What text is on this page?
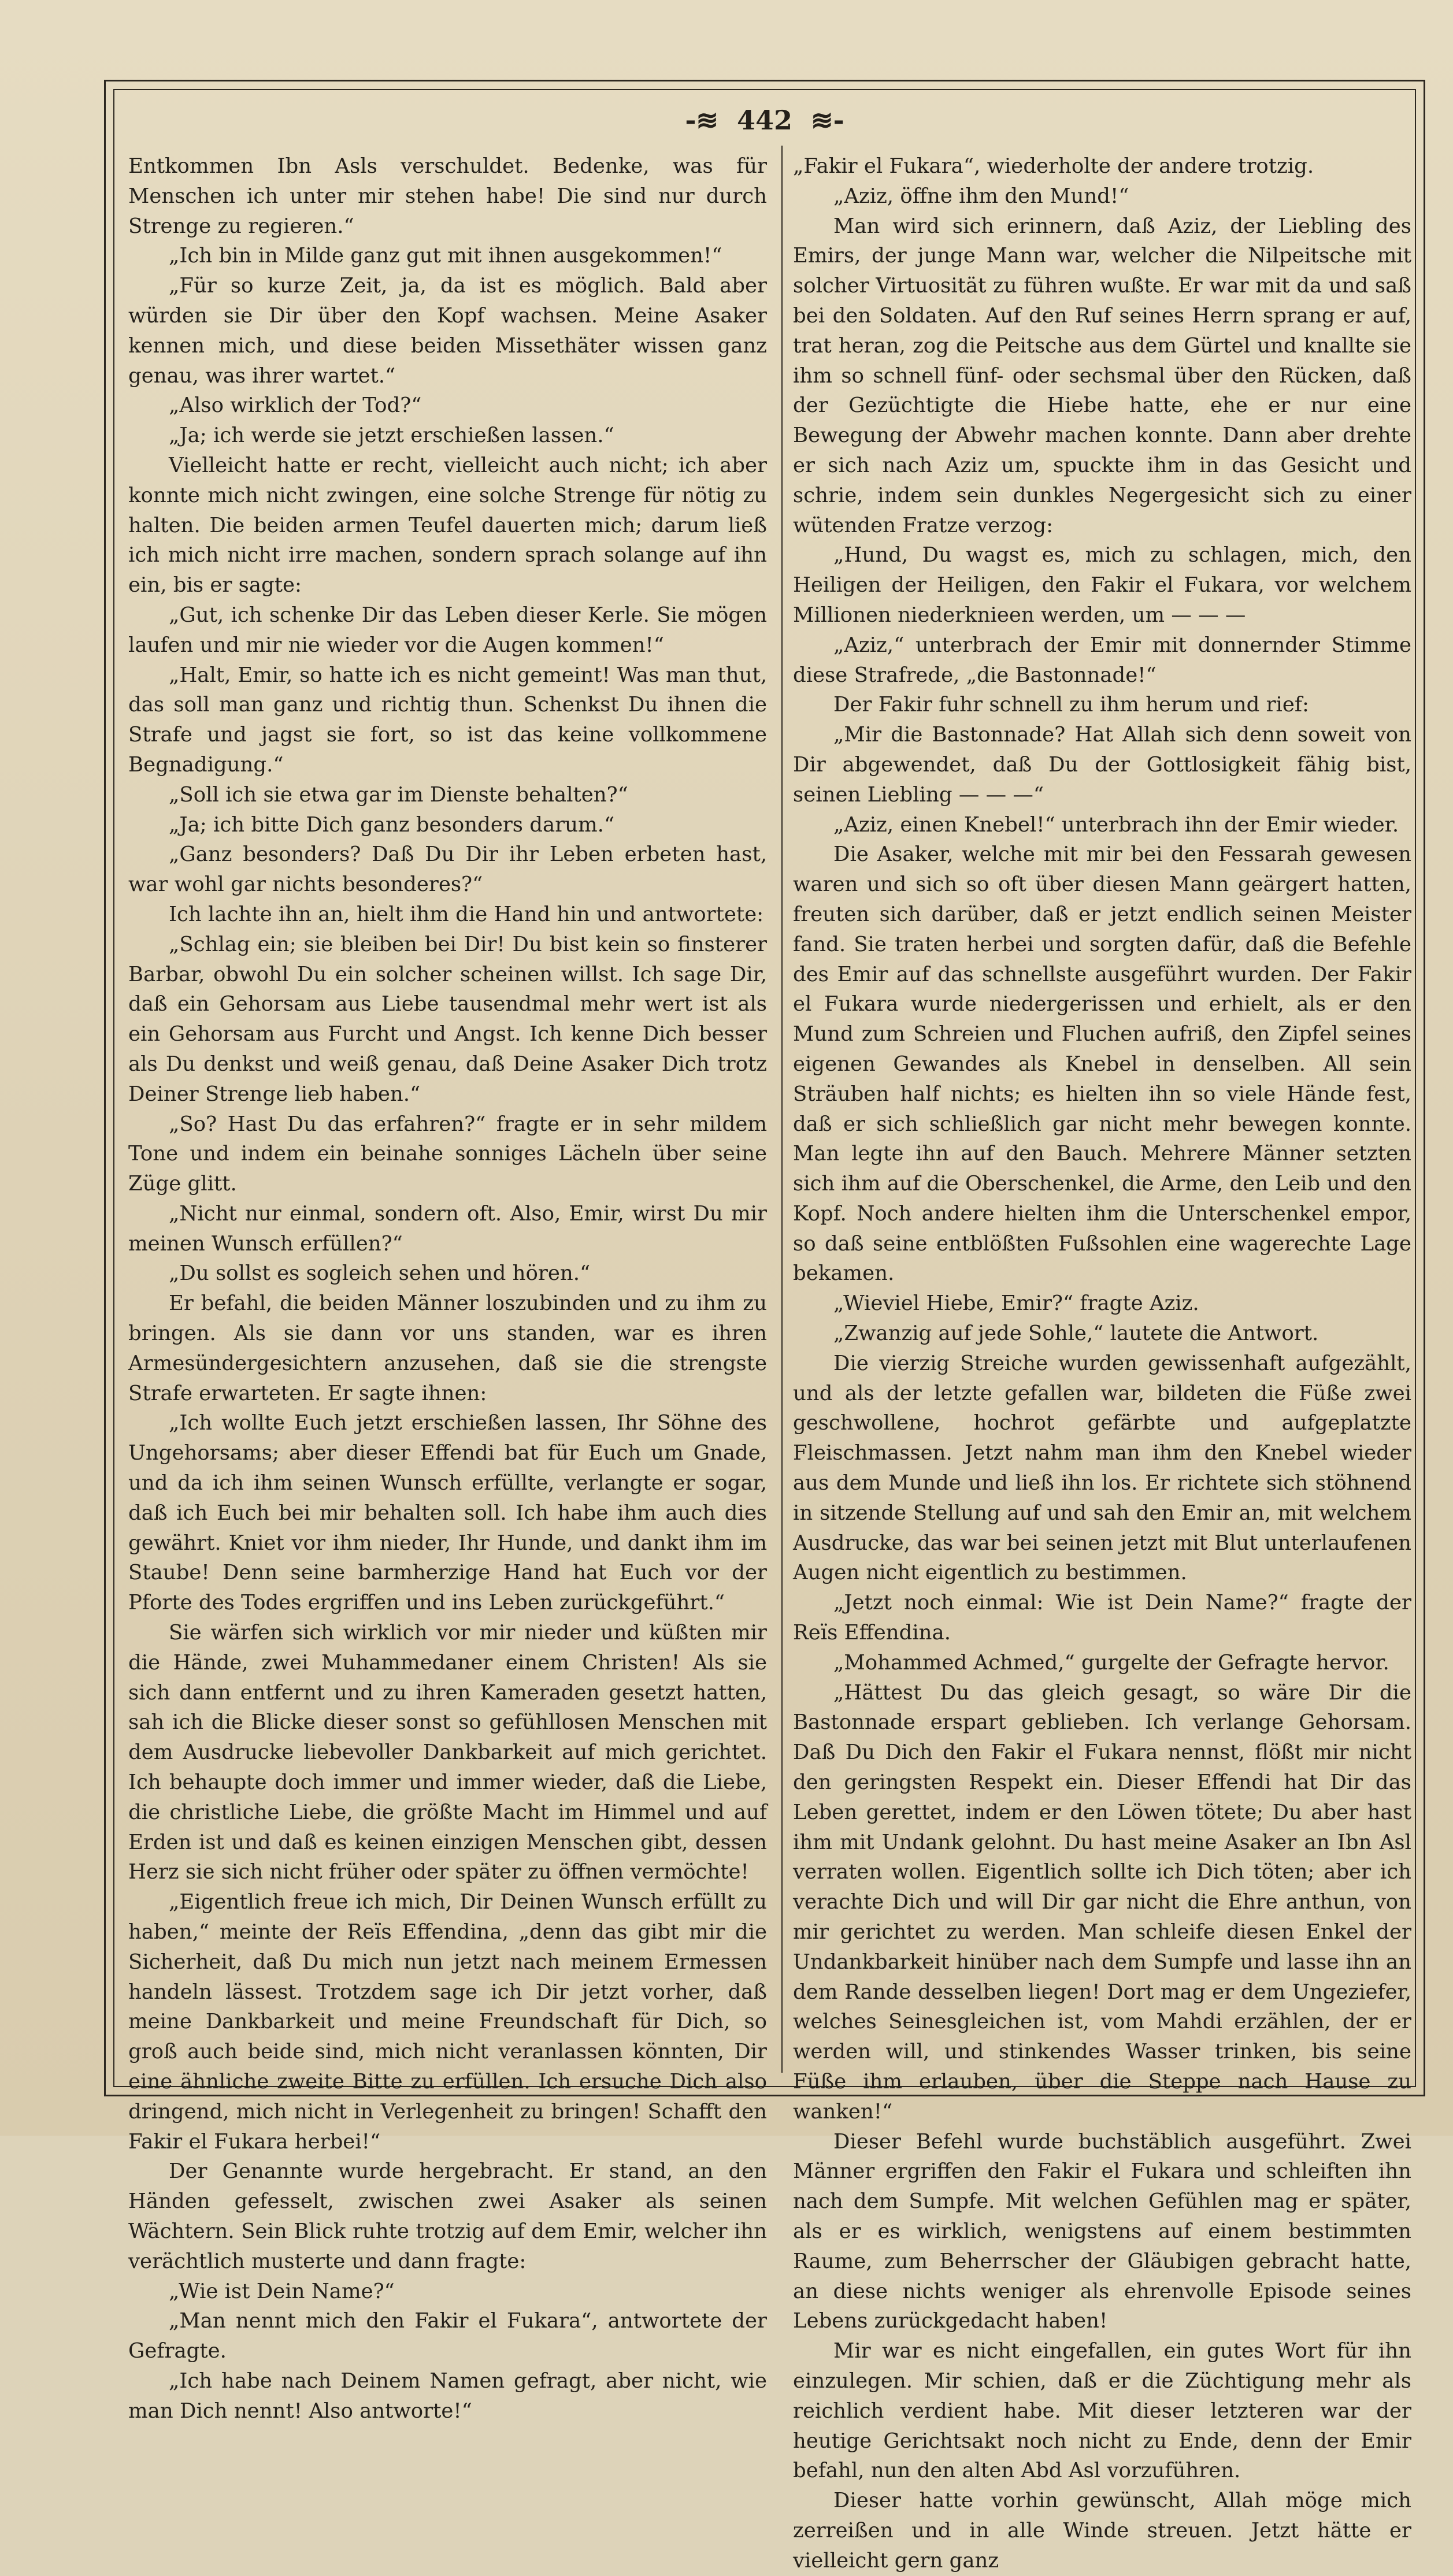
-≋ 442 ≋-

Entkommen Ibn Asls verschuldet. Bedenke, was für Menschen ich unter mir stehen habe! Die sind nur durch Strenge zu regieren.“

„Ich bin in Milde ganz gut mit ihnen ausgekommen!“

„Für so kurze Zeit, ja, da ist es möglich. Bald aber würden sie Dir über den Kopf wachsen. Meine Asaker kennen mich, und diese beiden Missethäter wissen ganz genau, was ihrer wartet.“

„Also wirklich der Tod?“

„Ja; ich werde sie jetzt erschießen lassen.“

Vielleicht hatte er recht, vielleicht auch nicht; ich aber konnte mich nicht zwingen, eine solche Strenge für nötig zu halten. Die beiden armen Teufel dauerten mich; darum ließ ich mich nicht irre machen, sondern sprach solange auf ihn ein, bis er sagte:

„Gut, ich schenke Dir das Leben dieser Kerle. Sie mögen laufen und mir nie wieder vor die Augen kommen!“

„Halt, Emir, so hatte ich es nicht gemeint! Was man thut, das soll man ganz und richtig thun. Schenkst Du ihnen die Strafe und jagst sie fort, so ist das keine vollkommene Begnadigung.“

„Soll ich sie etwa gar im Dienste behalten?“

„Ja; ich bitte Dich ganz besonders darum.“

„Ganz besonders? Daß Du Dir ihr Leben erbeten hast, war wohl gar nichts besonderes?“

Ich lachte ihn an, hielt ihm die Hand hin und antwortete:

„Schlag ein; sie bleiben bei Dir! Du bist kein so finsterer Barbar, obwohl Du ein solcher scheinen willst. Ich sage Dir, daß ein Gehorsam aus Liebe tausendmal mehr wert ist als ein Gehorsam aus Furcht und Angst. Ich kenne Dich besser als Du denkst und weiß genau, daß Deine Asaker Dich trotz Deiner Strenge lieb haben.“

„So? Hast Du das erfahren?“ fragte er in sehr mildem Tone und indem ein beinahe sonniges Lächeln über seine Züge glitt.

„Nicht nur einmal, sondern oft. Also, Emir, wirst Du mir meinen Wunsch erfüllen?“

„Du sollst es sogleich sehen und hören.“

Er befahl, die beiden Männer loszubinden und zu ihm zu bringen. Als sie dann vor uns standen, war es ihren Armesündergesichtern anzusehen, daß sie die strengste Strafe erwarteten. Er sagte ihnen:

„Ich wollte Euch jetzt erschießen lassen, Ihr Söhne des Ungehorsams; aber dieser Effendi bat für Euch um Gnade, und da ich ihm seinen Wunsch erfüllte, verlangte er sogar, daß ich Euch bei mir behalten soll. Ich habe ihm auch dies gewährt. Kniet vor ihm nieder, Ihr Hunde, und dankt ihm im Staube! Denn seine barmherzige Hand hat Euch vor der Pforte des Todes ergriffen und ins Leben zurückgeführt.“

Sie wärfen sich wirklich vor mir nieder und küßten mir die Hände, zwei Muhammedaner einem Christen! Als sie sich dann entfernt und zu ihren Kameraden gesetzt hatten, sah ich die Blicke dieser sonst so gefühllosen Menschen mit dem Ausdrucke liebevoller Dankbarkeit auf mich gerichtet. Ich behaupte doch immer und immer wieder, daß die Liebe, die christliche Liebe, die größte Macht im Himmel und auf Erden ist und daß es keinen einzigen Menschen gibt, dessen Herz sie sich nicht früher oder später zu öffnen vermöchte!

„Eigentlich freue ich mich, Dir Deinen Wunsch erfüllt zu haben,“ meinte der Reïs Effendina, „denn das gibt mir die Sicherheit, daß Du mich nun jetzt nach meinem Ermessen handeln lässest. Trotzdem sage ich Dir jetzt vorher, daß meine Dankbarkeit und meine Freundschaft für Dich, so groß auch beide sind, mich nicht veranlassen könnten, Dir eine ähnliche zweite Bitte zu erfüllen. Ich ersuche Dich also dringend, mich nicht in Verlegenheit zu bringen! Schafft den Fakir el Fukara herbei!“

Der Genannte wurde hergebracht. Er stand, an den Händen gefesselt, zwischen zwei Asaker als seinen Wächtern. Sein Blick ruhte trotzig auf dem Emir, welcher ihn verächtlich musterte und dann fragte:

„Wie ist Dein Name?“

„Man nennt mich den Fakir el Fukara“, antwortete der Gefragte.

„Ich habe nach Deinem Namen gefragt, aber nicht, wie man Dich nennt! Also antworte!“

„Fakir el Fukara“, wiederholte der andere trotzig.

„Aziz, öffne ihm den Mund!“

Man wird sich erinnern, daß Aziz, der Liebling des Emirs, der junge Mann war, welcher die Nilpeitsche mit solcher Virtuosität zu führen wußte. Er war mit da und saß bei den Soldaten. Auf den Ruf seines Herrn sprang er auf, trat heran, zog die Peitsche aus dem Gürtel und knallte sie ihm so schnell fünf- oder sechsmal über den Rücken, daß der Gezüchtigte die Hiebe hatte, ehe er nur eine Bewegung der Abwehr machen konnte. Dann aber drehte er sich nach Aziz um, spuckte ihm in das Gesicht und schrie, indem sein dunkles Negergesicht sich zu einer wütenden Fratze verzog:

„Hund, Du wagst es, mich zu schlagen, mich, den Heiligen der Heiligen, den Fakir el Fukara, vor welchem Millionen niederknieen werden, um — — —

„Aziz,“ unterbrach der Emir mit donnernder Stimme diese Strafrede, „die Bastonnade!“

Der Fakir fuhr schnell zu ihm herum und rief:

„Mir die Bastonnade? Hat Allah sich denn soweit von Dir abgewendet, daß Du der Gottlosigkeit fähig bist, seinen Liebling — — —“

„Aziz, einen Knebel!“ unterbrach ihn der Emir wieder.

Die Asaker, welche mit mir bei den Fessarah gewesen waren und sich so oft über diesen Mann geärgert hatten, freuten sich darüber, daß er jetzt endlich seinen Meister fand. Sie traten herbei und sorgten dafür, daß die Befehle des Emir auf das schnellste ausgeführt wurden. Der Fakir el Fukara wurde niedergerissen und erhielt, als er den Mund zum Schreien und Fluchen aufriß, den Zipfel seines eigenen Gewandes als Knebel in denselben. All sein Sträuben half nichts; es hielten ihn so viele Hände fest, daß er sich schließlich gar nicht mehr bewegen konnte. Man legte ihn auf den Bauch. Mehrere Männer setzten sich ihm auf die Oberschenkel, die Arme, den Leib und den Kopf. Noch andere hielten ihm die Unterschenkel empor, so daß seine entblößten Fußsohlen eine wagerechte Lage bekamen.

„Wieviel Hiebe, Emir?“ fragte Aziz.

„Zwanzig auf jede Sohle,“ lautete die Antwort.

Die vierzig Streiche wurden gewissenhaft aufgezählt, und als der letzte gefallen war, bildeten die Füße zwei geschwollene, hochrot gefärbte und aufgeplatzte Fleischmassen. Jetzt nahm man ihm den Knebel wieder aus dem Munde und ließ ihn los. Er richtete sich stöhnend in sitzende Stellung auf und sah den Emir an, mit welchem Ausdrucke, das war bei seinen jetzt mit Blut unterlaufenen Augen nicht eigentlich zu bestimmen.

„Jetzt noch einmal: Wie ist Dein Name?“ fragte der Reïs Effendina.

„Mohammed Achmed,“ gurgelte der Gefragte hervor.

„Hättest Du das gleich gesagt, so wäre Dir die Bastonnade erspart geblieben. Ich verlange Gehorsam. Daß Du Dich den Fakir el Fukara nennst, flößt mir nicht den geringsten Respekt ein. Dieser Effendi hat Dir das Leben gerettet, indem er den Löwen tötete; Du aber hast ihm mit Undank gelohnt. Du hast meine Asaker an Ibn Asl verraten wollen. Eigentlich sollte ich Dich töten; aber ich verachte Dich und will Dir gar nicht die Ehre anthun, von mir gerichtet zu werden. Man schleife diesen Enkel der Undankbarkeit hinüber nach dem Sumpfe und lasse ihn an dem Rande desselben liegen! Dort mag er dem Ungeziefer, welches Seinesgleichen ist, vom Mahdi erzählen, der er werden will, und stinkendes Wasser trinken, bis seine Füße ihm erlauben, über die Steppe nach Hause zu wanken!“

Dieser Befehl wurde buchstäblich ausgeführt. Zwei Männer ergriffen den Fakir el Fukara und schleiften ihn nach dem Sumpfe. Mit welchen Gefühlen mag er später, als er es wirklich, wenigstens auf einem bestimmten Raume, zum Beherrscher der Gläubigen gebracht hatte, an diese nichts weniger als ehrenvolle Episode seines Lebens zurückgedacht haben!

Mir war es nicht eingefallen, ein gutes Wort für ihn einzulegen. Mir schien, daß er die Züchtigung mehr als reichlich verdient habe. Mit dieser letzteren war der heutige Gerichtsakt noch nicht zu Ende, denn der Emir befahl, nun den alten Abd Asl vorzuführen.

Dieser hatte vorhin gewünscht, Allah möge mich zerreißen und in alle Winde streuen. Jetzt hätte er vielleicht gern ganz
